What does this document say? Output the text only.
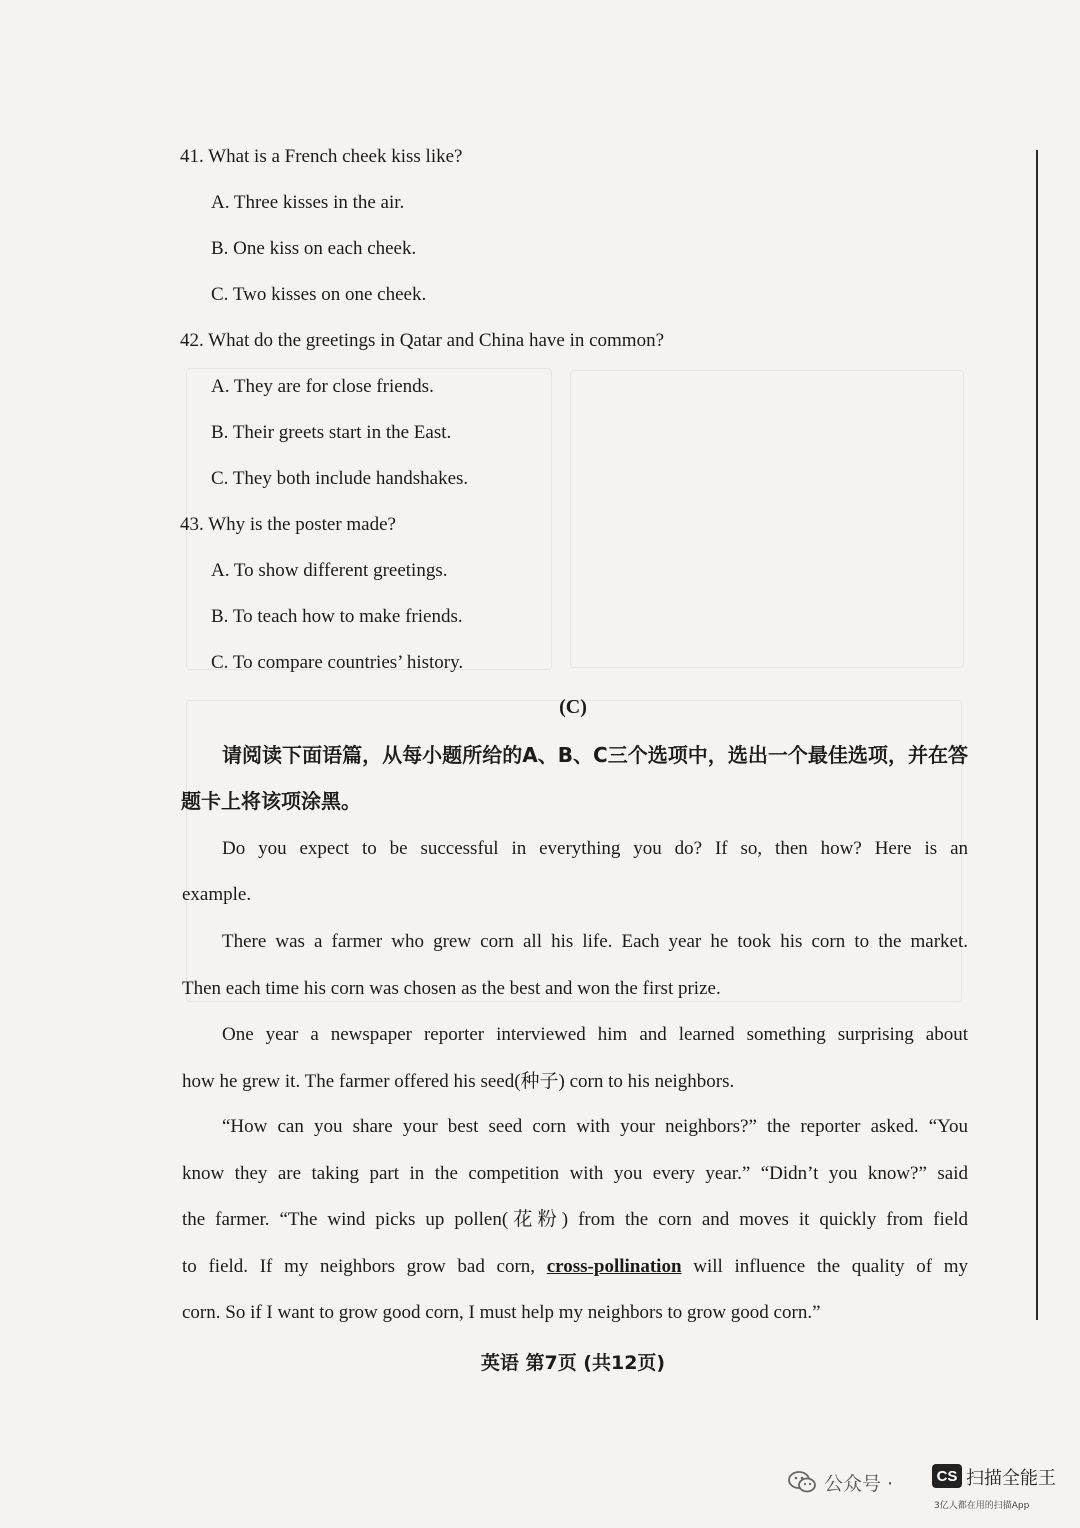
41. What is a French cheek kiss like?
A. Three kisses in the air.
B. One kiss on each cheek.
C. Two kisses on one cheek.
42. What do the greetings in Qatar and China have in common?
A. They are for close friends.
B. Their greets start in the East.
C. They both include handshakes.
43. Why is the poster made?
A. To show different greetings.
B. To teach how to make friends.
C. To compare countries’ history.
(C)
请阅读下面语篇，从每小题所给的A、B、C三个选项中，选出一个最佳选项，并在答
题卡上将该项涂黑。
Do you expect to be successful in everything you do? If so, then how? Here is an
example.
There was a farmer who grew corn all his life. Each year he took his corn to the market.
Then each time his corn was chosen as the best and won the first prize.
One year a newspaper reporter interviewed him and learned something surprising about
how he grew it. The farmer offered his seed(种子) corn to his neighbors.
“How can you share your best seed corn with your neighbors?” the reporter asked. “You
know they are taking part in the competition with you every year.” “Didn’t you know?” said
the farmer. “The wind picks up pollen(花粉) from the corn and moves it quickly from field
to field. If my neighbors grow bad corn, cross-pollination will influence the quality of my
corn. So if I want to grow good corn, I must help my neighbors to grow good corn.”
英语 第7页 (共12页)
公众号 ·	CS 扫描全能王
3亿人都在用的扫描App
